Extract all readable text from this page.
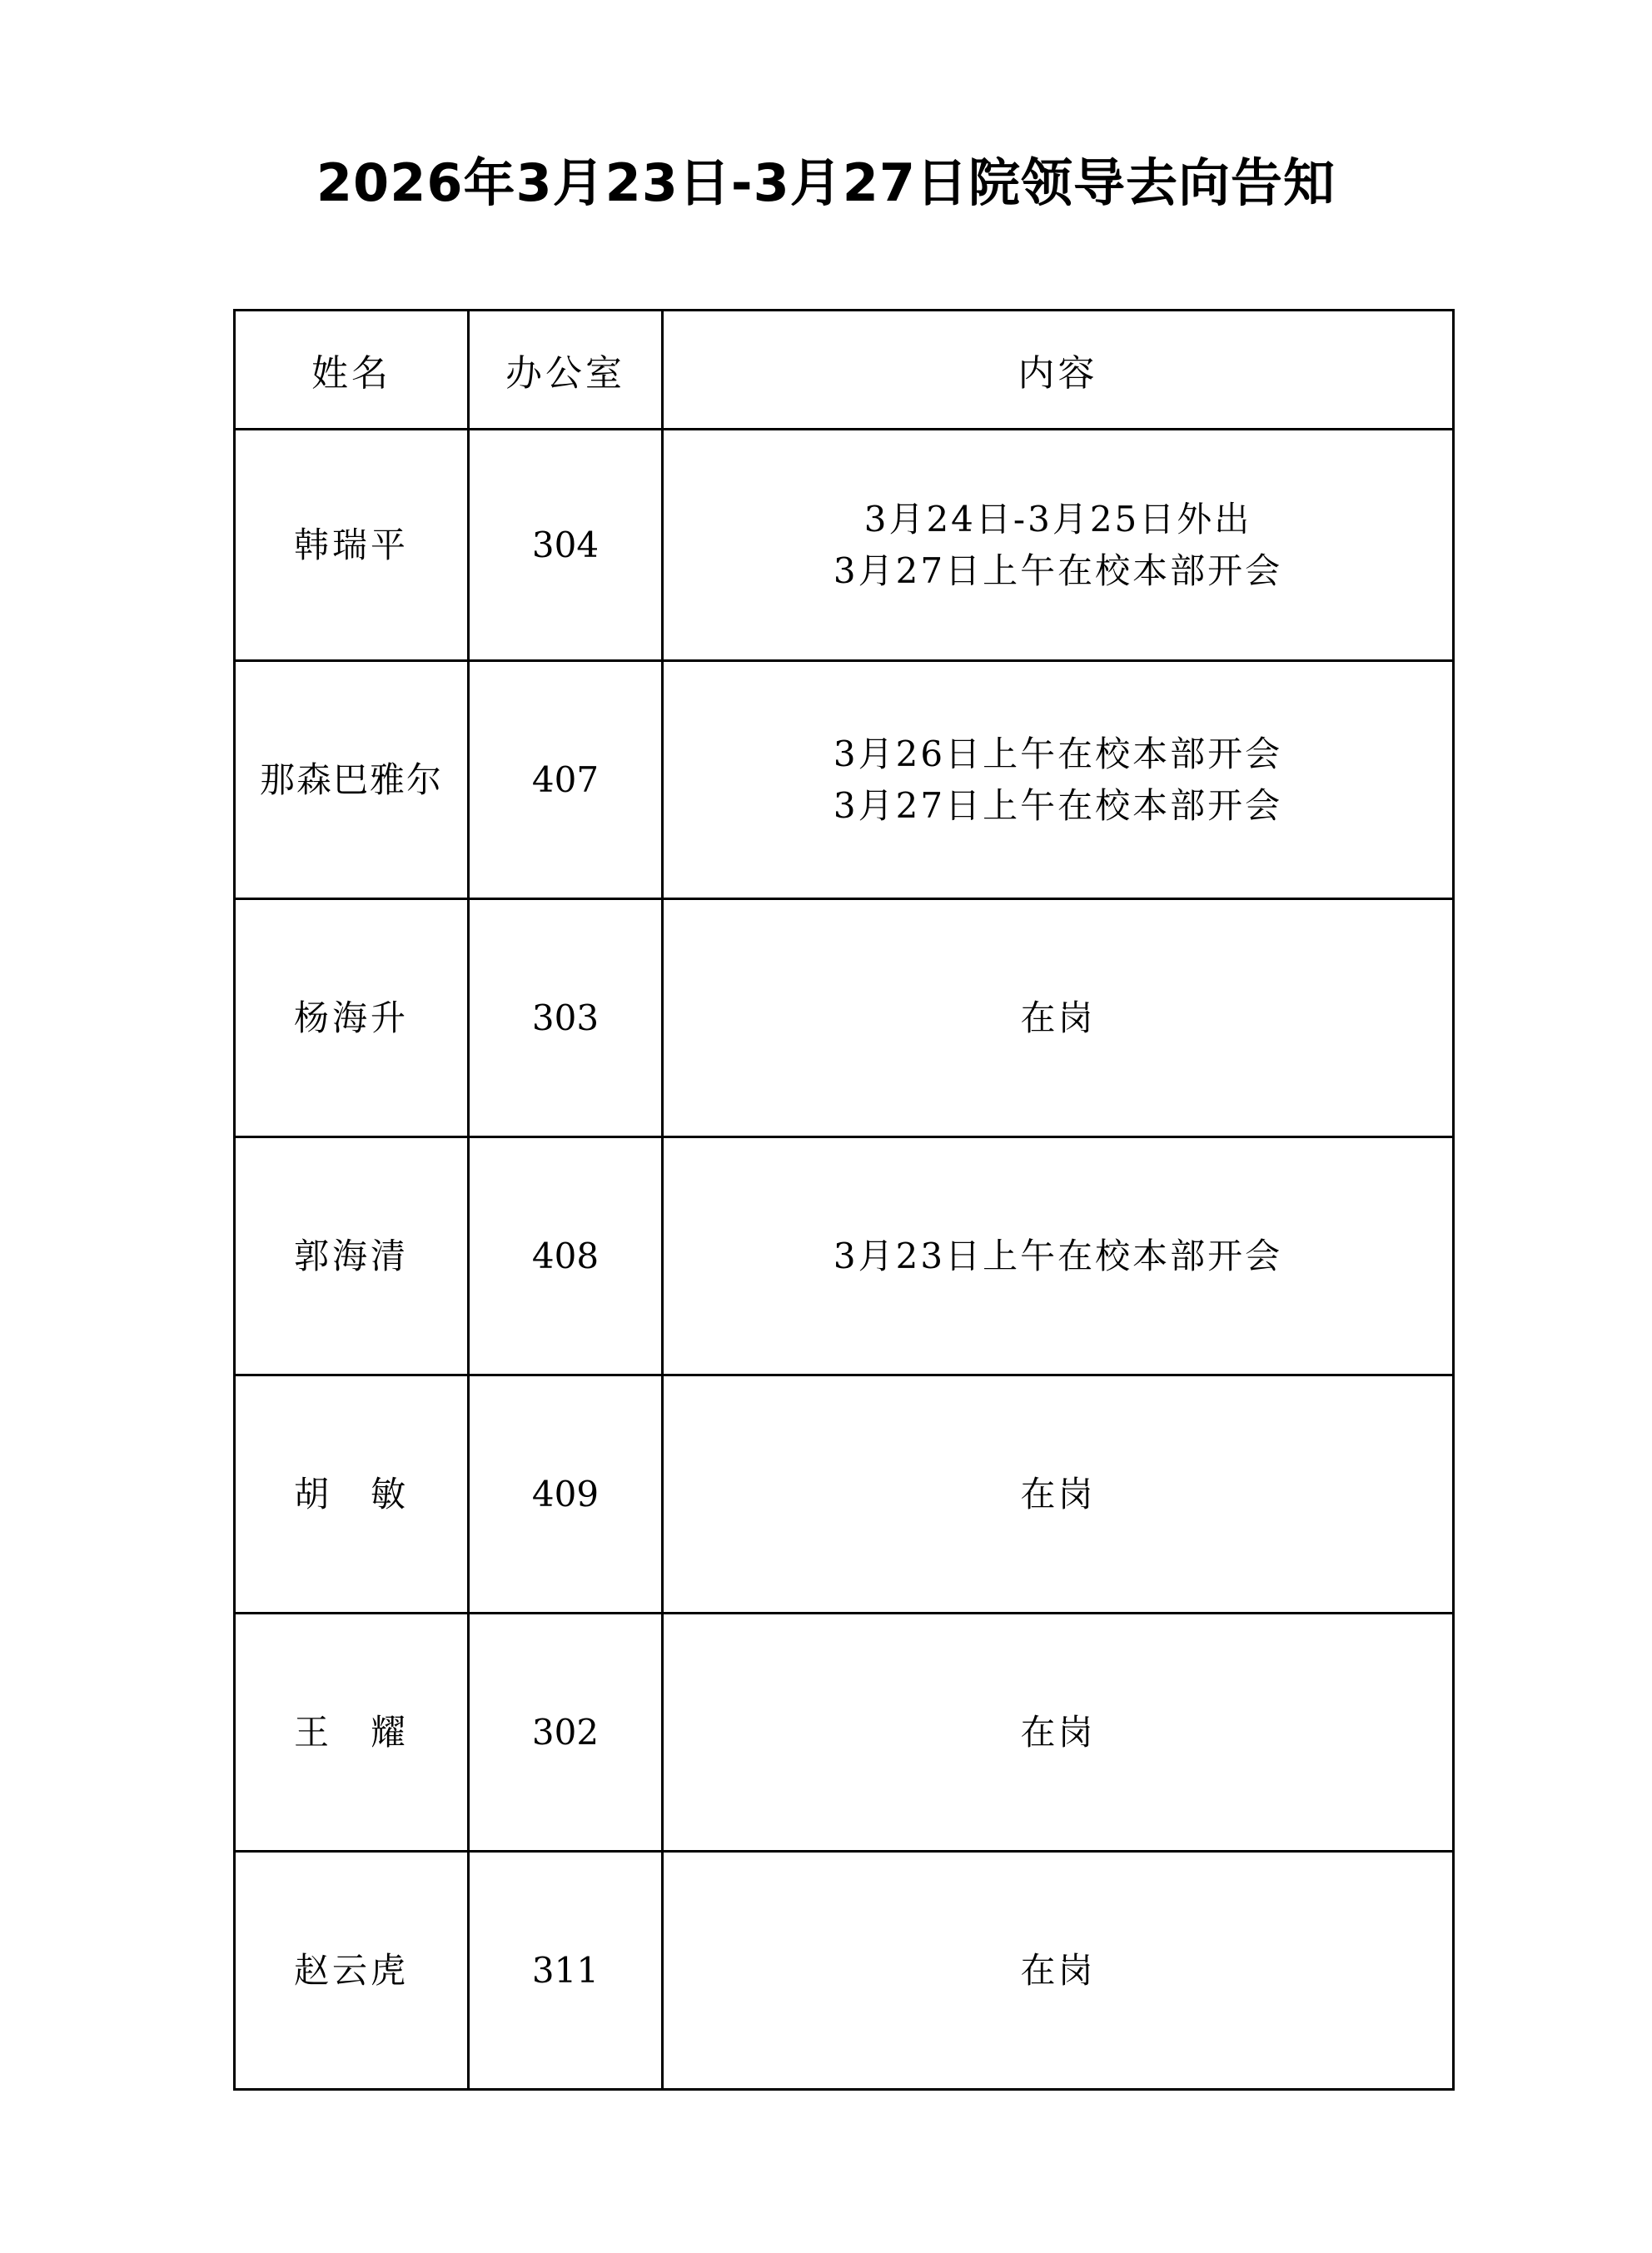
2026年3月23日-3月27日院领导去向告知
姓名	办公室	内容
韩瑞平	304	3月24日-3月25日外出
3月27日上午在校本部开会

那森巴雅尔	407	3月26日上午在校本部开会
3月27日上午在校本部开会

杨海升	303	在岗

郭海清	408	3月23日上午在校本部开会

胡　敏	409	在岗

王　耀	302	在岗

赵云虎	311	在岗
